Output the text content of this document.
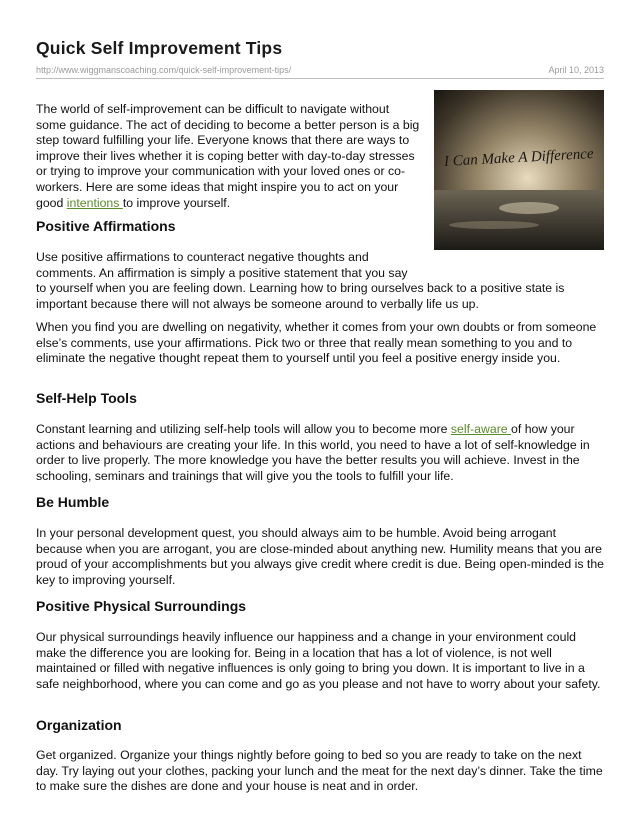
Quick Self Improvement Tips
http://www.wiggmanscoaching.com/quick-self-improvement-tips/	April 10, 2013
I Can Make A Difference

The world of self-improvement can be difficult to navigate without some guidance. The act of deciding to become a better person is a big step toward fulfilling your life. Everyone knows that there are ways to improve their lives whether it is coping better with day-to-day stresses or trying to improve your communication with your loved ones or co-workers. Here are some ideas that might inspire you to act on your good intentions to improve yourself.

Positive Affirmations

Use positive affirmations to counteract negative thoughts and comments. An affirmation is simply a positive statement that you say to yourself when you are feeling down. Learning how to bring ourselves back to a positive state is important because there will not always be someone around to verbally life us up.

When you find you are dwelling on negativity, whether it comes from your own doubts or from someone else’s comments, use your affirmations. Pick two or three that really mean something to you and to eliminate the negative thought repeat them to yourself until you feel a positive energy inside you.

Self-Help Tools

Constant learning and utilizing self-help tools will allow you to become more self-aware of how your actions and behaviours are creating your life. In this world, you need to have a lot of self-knowledge in order to live properly. The more knowledge you have the better results you will achieve. Invest in the schooling, seminars and trainings that will give you the tools to fulfill your life.

Be Humble

In your personal development quest, you should always aim to be humble. Avoid being arrogant because when you are arrogant, you are close-minded about anything new. Humility means that you are proud of your accomplishments but you always give credit where credit is due. Being open-minded is the key to improving yourself.

Positive Physical Surroundings

Our physical surroundings heavily influence our happiness and a change in your environment could make the difference you are looking for. Being in a location that has a lot of violence, is not well maintained or filled with negative influences is only going to bring you down. It is important to live in a safe neighborhood, where you can come and go as you please and not have to worry about your safety.

Organization

Get organized. Organize your things nightly before going to bed so you are ready to take on the next day. Try laying out your clothes, packing your lunch and the meat for the next day’s dinner. Take the time to make sure the dishes are done and your house is neat and in order.
